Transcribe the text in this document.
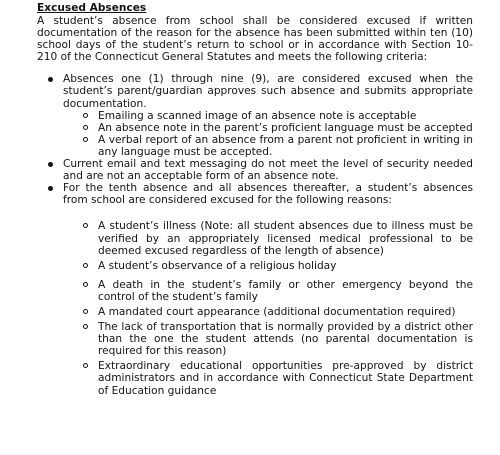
Excused Absences

A student’s absence from school shall be considered excused if written documentation of the reason for the absence has been submitted within ten (10) school days of the student’s return to school or in accordance with Section 10-210 of the Connecticut General Statutes and meets the following criteria:

Absences one (1) through nine (9), are considered excused when the student’s parent/guardian approves such absence and submits appropriate documentation.
Emailing a scanned image of an absence note is acceptable
An absence note in the parent’s proficient language must be accepted
A verbal report of an absence from a parent not proficient in writing in any language must be accepted.
Current email and text messaging do not meet the level of security needed and are not an acceptable form of an absence note.
For the tenth absence and all absences thereafter, a student’s absences from school are considered excused for the following reasons:
A student’s illness (Note: all student absences due to illness must be verified by an appropriately licensed medical professional to be deemed excused regardless of the length of absence)
A student’s observance of a religious holiday
A death in the student’s family or other emergency beyond the control of the student’s family
A mandated court appearance (additional documentation required)
The lack of transportation that is normally provided by a district other than the one the student attends (no parental documentation is required for this reason)
Extraordinary educational opportunities pre-approved by district administrators and in accordance with Connecticut State Department of Education guidance
